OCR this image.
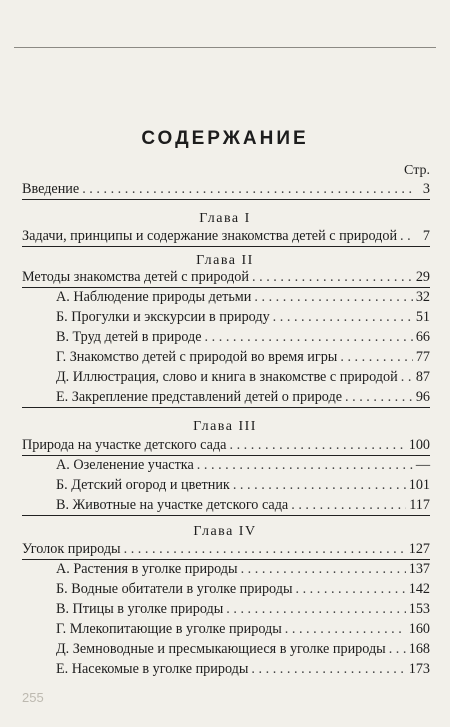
СОДЕРЖАНИЕ
Стр.
Введение . . .	3
Глава I
Задачи, принципы и содержание знакомства детей с природой . . .	7
Глава II
Методы знакомства детей с природой . . .	29
А. Наблюдение природы детьми . . .	32
Б. Прогулки и экскурсии в природу . . .	51
В. Труд детей в природе . . .	66
Г. Знакомство детей с природой во время игры . . .	77
Д. Иллюстрация, слово и книга в знакомстве с природой . . . 87
Е. Закрепление представлений детей о природе . . .	96
Глава III
Природа на участке детского сада . . .	100
А. Озеленение участка . . .	—
Б. Детский огород и цветник . . .	101
В. Животные на участке детского сада . . .	117
Глава IV
Уголок природы . . .	127
А. Растения в уголке природы . . .	137
Б. Водные обитатели в уголке природы . . .	142
В. Птицы в уголке природы . . .	153
Г. Млекопитающие в уголке природы . . .	160
Д. Земноводные и пресмыкающиеся в уголке природы . . . 168
Е. Насекомые в уголке природы . . .	173
255
